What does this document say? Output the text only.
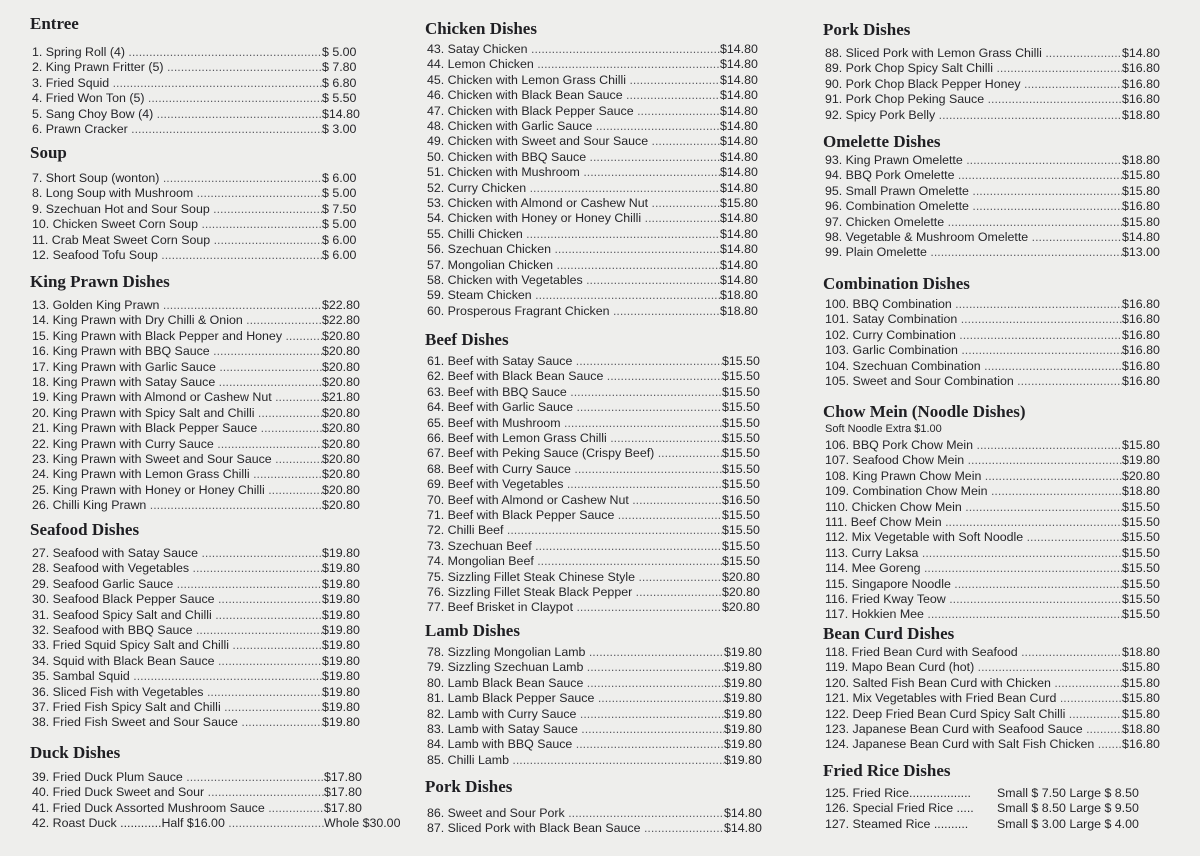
Entree
1. Spring Roll (4) .....	$ 5.00
2. King Prawn Fritter (5) .....	$ 7.80
3. Fried Squid .....	$ 6.80
4. Fried Won Ton (5) .....	$ 5.50
5. Sang Choy Bow (4) .....	$14.80
6. Prawn Cracker .....	$ 3.00
Soup
7. Short Soup (wonton) .....	$ 6.00
8. Long Soup with Mushroom .....	$ 5.00
9. Szechuan Hot and Sour Soup .....	$ 7.50
10. Chicken Sweet Corn Soup .....	$ 5.00
11. Crab Meat Sweet Corn Soup .....	$ 6.00
12. Seafood Tofu Soup .....	$ 6.00
King Prawn Dishes
13. Golden King Prawn .....	$22.80
14. King Prawn with Dry Chilli & Onion .....	$22.80
15. King Prawn with Black Pepper and Honey .....	$20.80
16. King Prawn with BBQ Sauce .....	$20.80
17. King Prawn with Garlic Sauce .....	$20.80
18. King Prawn with Satay Sauce .....	$20.80
19. King Prawn with Almond or Cashew Nut .....	$21.80
20. King Prawn with Spicy Salt and Chilli .....	$20.80
21. King Prawn with Black Pepper Sauce .....	$20.80
22. King Prawn with Curry Sauce .....	$20.80
23. King Prawn with Sweet and Sour Sauce .....	$20.80
24. King Prawn with Lemon Grass Chilli .....	$20.80
25. King Prawn with Honey or Honey Chilli .....	$20.80
26. Chilli King Prawn .....	$20.80
Seafood Dishes
27. Seafood with Satay Sauce .....	$19.80
28. Seafood with Vegetables .....	$19.80
29. Seafood Garlic Sauce .....	$19.80
30. Seafood Black Pepper Sauce .....	$19.80
31. Seafood Spicy Salt and Chilli .....	$19.80
32. Seafood with BBQ Sauce .....	$19.80
33. Fried Squid Spicy Salt and Chilli .....	$19.80
34. Squid with Black Bean Sauce .....	$19.80
35. Sambal Squid .....	$19.80
36. Sliced Fish with Vegetables .....	$19.80
37. Fried Fish Spicy Salt and Chilli .....	$19.80
38. Fried Fish Sweet and Sour Sauce .....	$19.80
Duck Dishes
39. Fried Duck Plum Sauce .....	$17.80
40. Fried Duck Sweet and Sour .....	$17.80
41. Fried Duck Assorted Mushroom Sauce .....	$17.80
42. Roast Duck ............Half $16.00 .....	Whole $30.00
Chicken Dishes
43. Satay Chicken .....	$14.80
44. Lemon Chicken .....	$14.80
45. Chicken with Lemon Grass Chilli .....	$14.80
46. Chicken with Black Bean Sauce .....	$14.80
47. Chicken with Black Pepper Sauce .....	$14.80
48. Chicken with Garlic Sauce .....	$14.80
49. Chicken with Sweet and Sour Sauce .....	$14.80
50. Chicken with BBQ Sauce .....	$14.80
51. Chicken with Mushroom .....	$14.80
52. Curry Chicken .....	$14.80
53. Chicken with Almond or Cashew Nut .....	$15.80
54. Chicken with Honey or Honey Chilli .....	$14.80
55. Chilli Chicken .....	$14.80
56. Szechuan Chicken .....	$14.80
57. Mongolian Chicken .....	$14.80
58. Chicken with Vegetables .....	$14.80
59. Steam Chicken .....	$18.80
60. Prosperous Fragrant Chicken .....	$18.80
Beef Dishes
61. Beef with Satay Sauce .....	$15.50
62. Beef with Black Bean Sauce .....	$15.50
63. Beef with BBQ Sauce .....	$15.50
64. Beef with Garlic Sauce .....	$15.50
65. Beef with Mushroom .....	$15.50
66. Beef with Lemon Grass Chilli .....	$15.50
67. Beef with Peking Sauce (Crispy Beef) .....	$15.50
68. Beef with Curry Sauce .....	$15.50
69. Beef with Vegetables .....	$15.50
70. Beef with Almond or Cashew Nut .....	$16.50
71. Beef with Black Pepper Sauce .....	$15.50
72. Chilli Beef .....	$15.50
73. Szechuan Beef .....	$15.50
74. Mongolian Beef .....	$15.50
75. Sizzling Fillet Steak Chinese Style .....	$20.80
76. Sizzling Fillet Steak Black Pepper .....	$20.80
77. Beef Brisket in Claypot .....	$20.80
Lamb Dishes
78. Sizzling Mongolian Lamb .....	$19.80
79. Sizzling Szechuan Lamb .....	$19.80
80. Lamb Black Bean Sauce .....	$19.80
81. Lamb Black Pepper Sauce .....	$19.80
82. Lamb with Curry Sauce .....	$19.80
83. Lamb with Satay Sauce .....	$19.80
84. Lamb with BBQ Sauce .....	$19.80
85. Chilli Lamb .....	$19.80
Pork Dishes
86. Sweet and Sour Pork .....	$14.80
87. Sliced Pork with Black Bean Sauce .....	$14.80
Pork Dishes
88. Sliced Pork with Lemon Grass Chilli .....	$14.80
89. Pork Chop Spicy Salt Chilli .....	$16.80
90. Pork Chop Black Pepper Honey .....	$16.80
91. Pork Chop Peking Sauce .....	$16.80
92. Spicy Pork Belly .....	$18.80
Omelette Dishes
93. King Prawn Omelette .....	$18.80
94. BBQ Pork Omelette .....	$15.80
95. Small Prawn Omelette .....	$15.80
96. Combination Omelette .....	$16.80
97. Chicken Omelette .....	$15.80
98. Vegetable & Mushroom Omelette .....	$14.80
99. Plain Omelette .....	$13.00
Combination Dishes
100. BBQ Combination .....	$16.80
101. Satay Combination .....	$16.80
102. Curry Combination .....	$16.80
103. Garlic Combination .....	$16.80
104. Szechuan Combination .....	$16.80
105. Sweet and Sour Combination .....	$16.80
Chow Mein (Noodle Dishes)
Soft Noodle Extra $1.00
106. BBQ Pork Chow Mein .....	$15.80
107. Seafood Chow Mein .....	$19.80
108. King Prawn Chow Mein .....	$20.80
109. Combination Chow Mein .....	$18.80
110. Chicken Chow Mein .....	$15.50
111. Beef Chow Mein .....	$15.50
112. Mix Vegetable with Soft Noodle .....	$15.50
113. Curry Laksa .....	$15.50
114. Mee Goreng .....	$15.50
115. Singapore Noodle .....	$15.50
116. Fried Kway Teow .....	$15.50
117. Hokkien Mee .....	$15.50
Bean Curd Dishes
118. Fried Bean Curd with Seafood .....	$18.80
119. Mapo Bean Curd (hot) .....	$15.80
120. Salted Fish Bean Curd with Chicken .....	$15.80
121. Mix Vegetables with Fried Bean Curd .....	$15.80
122. Deep Fried Bean Curd Spicy Salt Chilli .....	$15.80
123. Japanese Bean Curd with Seafood Sauce .....	$18.80
124. Japanese Bean Curd with Salt Fish Chicken ..... $16.80
Fried Rice Dishes
125. Fried Rice.................. Small $ 7.50 Large $ 8.50
126. Special Fried Rice ..... Small $ 8.50 Large $ 9.50
127. Steamed Rice .......... Small $ 3.00 Large $ 4.00
